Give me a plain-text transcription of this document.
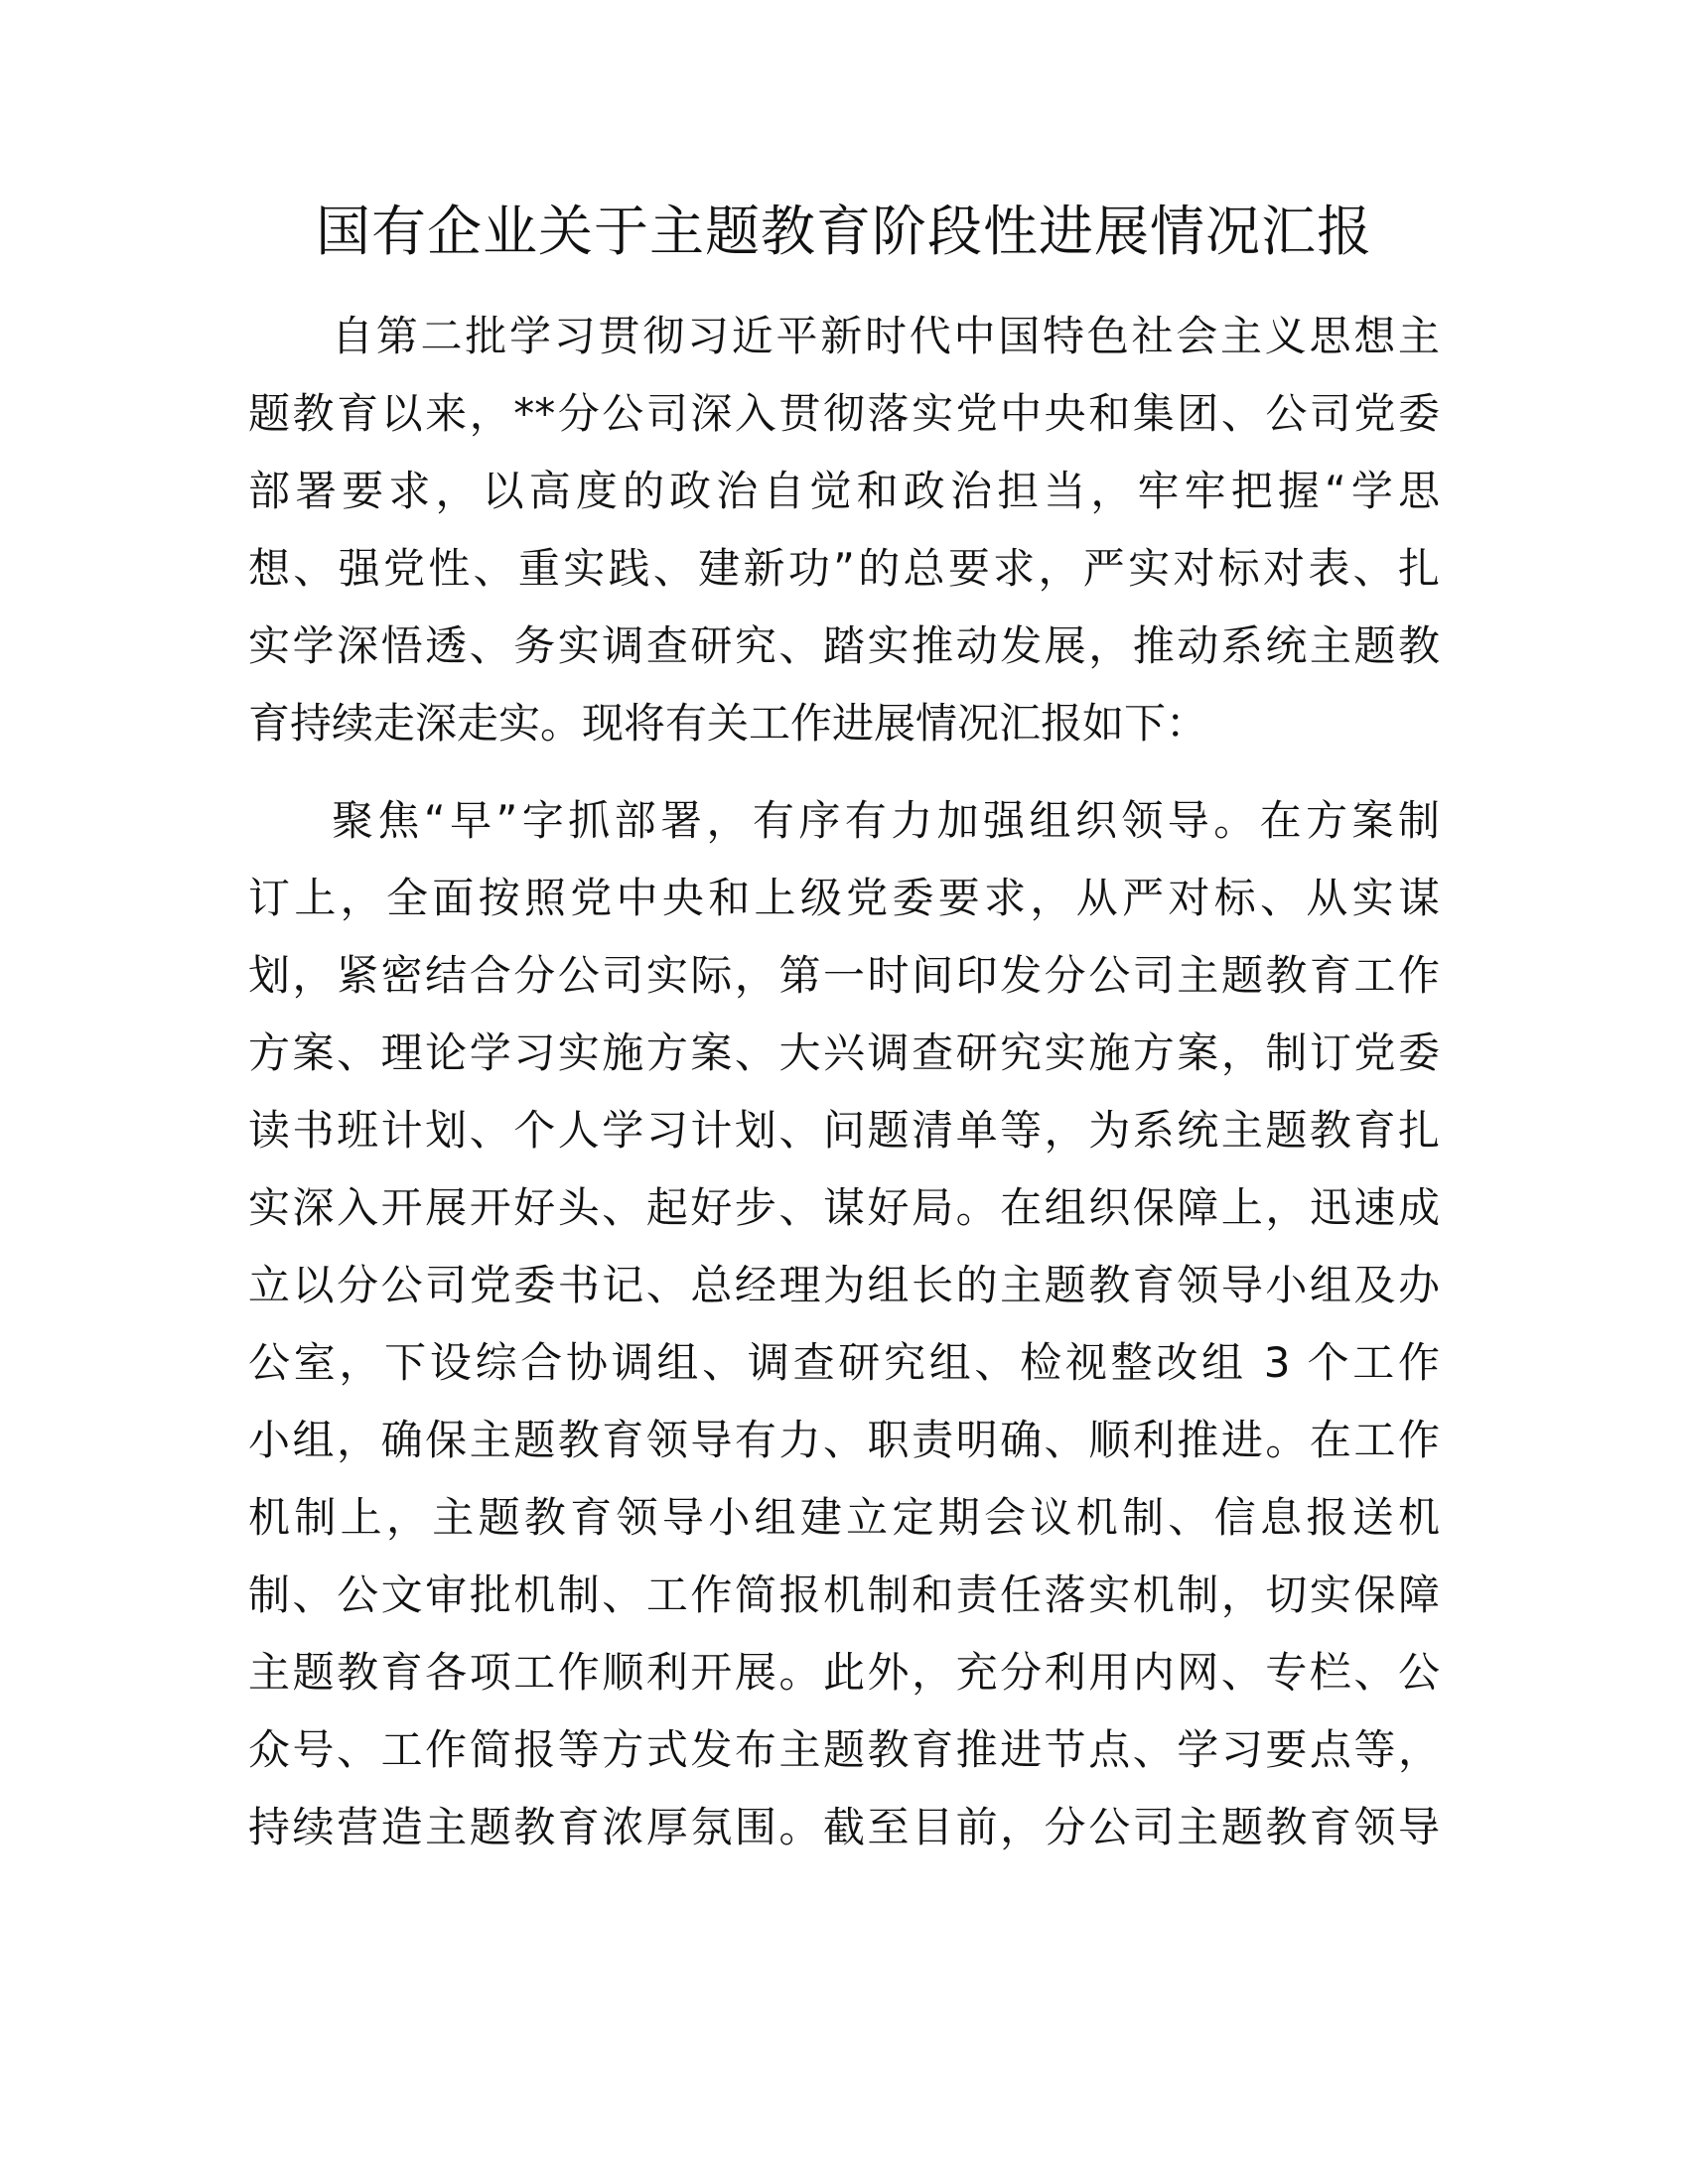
国有企业关于主题教育阶段性进展情况汇报

自第二批学习贯彻习近平新时代中国特色社会主义思想主
题教育以来，**分公司深入贯彻落实党中央和集团、公司党委
部署要求，以高度的政治自觉和政治担当，牢牢把握“学思
想、强党性、重实践、建新功”的总要求，严实对标对表、扎
实学深悟透、务实调查研究、踏实推动发展，推动系统主题教
育持续走深走实。现将有关工作进展情况汇报如下：

聚焦“早”字抓部署，有序有力加强组织领导。在方案制
订上，全面按照党中央和上级党委要求，从严对标、从实谋
划，紧密结合分公司实际，第一时间印发分公司主题教育工作
方案、理论学习实施方案、大兴调查研究实施方案，制订党委
读书班计划、个人学习计划、问题清单等，为系统主题教育扎
实深入开展开好头、起好步、谋好局。在组织保障上，迅速成
立以分公司党委书记、总经理为组长的主题教育领导小组及办
公室，下设综合协调组、调查研究组、检视整改组 3 个工作
小组，确保主题教育领导有力、职责明确、顺利推进。在工作
机制上，主题教育领导小组建立定期会议机制、信息报送机
制、公文审批机制、工作简报机制和责任落实机制，切实保障
主题教育各项工作顺利开展。此外，充分利用内网、专栏、公
众号、工作简报等方式发布主题教育推进节点、学习要点等，
持续营造主题教育浓厚氛围。截至目前，分公司主题教育领导
